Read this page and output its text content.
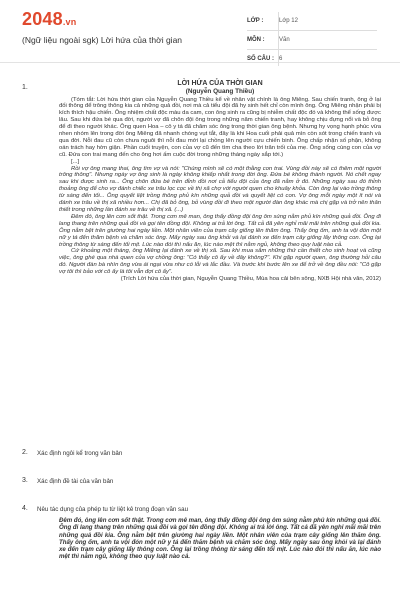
2048.vn
(Ngữ liệu ngoài sgk) Lời hứa của thời gian
LỚP :	Lớp 12
MÔN :	Văn
SỐ CÂU : 6
1.
LỜI HỨA CỦA THỜI GIAN
(Nguyễn Quang Thiều)

(Tóm tắt: Lời hứa thời gian của Nguyễn Quang Thiều kể về nhân vật chính là ông Miêng. Sau chiến tranh, ông ở lại đối thông để trông thông kia cả những quả đồi, nơi mà cả tiểu đội đã hy sinh hết chỉ còn mình ông. Ông Miêng nhận phải bị kích thích hậu chiến. Ông nhiệm chất độc màu da cam, con ông sinh ra cũng bị nhiễm chất độc đó và không thể sống được lâu. Sau khi đứa bé qua đời, người vợ đã chôn đội ông trong những năm chiến tranh, hay không chịu đựng nổi và bỏ ông để đi theo người khác. Ông quen Hoa – cô y tá đã chăm sóc ông trong thời gian ông bệnh. Nhưng hy vọng hạnh phúc vừa nhen nhóm lên trong đời ông Miêng đã nhanh chóng vụt tắt, đây là khi Hoa cuối phải quả mìn còn sót trong chiến tranh và qua đời. Nỗi đau cũ còn chưa nguôi thì nỗi đau mới lại chồng lên người cựu chiến binh. Ông chấp nhận số phận, không oán trách hay hờn giận. Phần cuối truyện, con của vợ cũ đến tìm cha theo lời trăn trối của mẹ. Ông sống cùng con của vợ cũ. Đứa con trai mang đến cho ông hơi ấm cuộc đời trong những tháng ngày sắp tới.)

[...]

Rồi vợ ông mang thai, ông tìm vợ và nói: "Chúng mình sẽ có một thằng con trai. Vùng đồi này sẽ có thêm một người trông thông". Nhưng ngày vợ ông sinh là ngày không khiếp nhất trong đời ông. Đứa bé không thành người. Nó chết ngay sau khi được sinh ra... Ông chôn đứa bé trên đỉnh đồi nơi cả tiểu đội của ông đã nằm ở đó. Những ngày sau đó thỉnh thoảng ông để cho vợ đánh chiếc xe trâu lọc cọc về thị xã chợ với người quen cho khuây khỏa. Còn ông lại vào trồng thông từ sáng đến tối... Ông quyết liệt trồng thông phủ kín những quả đồi và quyết liệt có con. Vợ ông mỗi ngày một ít nói và đánh xe trâu về thị xã nhiều hơn... Chị đã bỏ ông, bỏ vùng đồi đi theo một người đàn ông khác mà chị gặp và trở nên thân thiết trong những lần đánh xe trâu về thị xã. (...)

Đêm đó, ông lên cơn sốt thật. Trong cơn mê man, ông thấy đồng đội ông ôm súng nằm phủ kín những quả đồi. Ông đi lang thang trên những quả đồi và gọi tên đồng đội. Không ai trả lời ông. Tất cả đã yên nghỉ mãi mãi trên những quả đồi kia. Ông nằm bệt trên giường hai ngày liền. Một nhân viên của trạm cây giống lên thăm ông. Thấy ông ốm, anh ta vội đón một nữ y tá đến thăm bệnh và chăm sóc ông. Mấy ngày sau ông khỏi và lại đánh xe đến trạm cây giống lấy thông con. Ông lại trồng thông từ sáng đến tối mịt. Lúc nào đói thì nấu ăn, lúc nào mệt thì nằm ngủ, không theo quy luật nào cả.

Cứ khoảng một tháng, ông Miêng lại đánh xe về thị xã. Sau khi mua sắm những thứ cần thiết cho sinh hoạt và cũng việc, ông ghé qua nhà quen của vợ chồng ông: "Có thấy cô ấy về đây không?". Khi gặp người quen, ông thường hỏi câu đó. Người đàn bà nhìn ông vừa ái ngại vừa như có lỗi và lắc đầu. Và trước khi bước lên xe để trở về ông đều nói: "Cô gặp vợ tôi thì bảo với cô ấy là tôi vẫn đợi cô ấy".

(Trích Lời hứa của thời gian, Nguyễn Quang Thiều, Mùa hoa cải bên sông, NXB Hội nhà văn, 2012)

2. Xác định ngôi kể trong văn bản
3. Xác định đề tài của văn bản
4. Nêu tác dụng của phép tu từ liệt kê trong đoạn văn sau
Đêm đó, ông lên cơn sốt thật. Trong cơn mê man, ông thấy đồng đội ông ôm súng nằm phủ kín những quả đồi. Ông đi lang thang trên những quả đồi và gọi tên đồng đội. Không ai trả lời ông. Tất cả đã yên nghỉ mãi mãi trên những quả đồi kia. Ông nằm bệt trên giường hai ngày liền. Một nhân viên của trạm cây giống lên thăm ông. Thấy ông ốm, anh ta vội đón một nữ y tá đến thăm bệnh và chăm sóc ông. Mấy ngày sau ông khỏi và lại đánh xe đến trạm cây giống lấy thông con. Ông lại trồng thông từ sáng đến tối mịt. Lúc nào đói thì nấu ăn, lúc nào mệt thì nằm ngủ, không theo quy luật nào cả.
